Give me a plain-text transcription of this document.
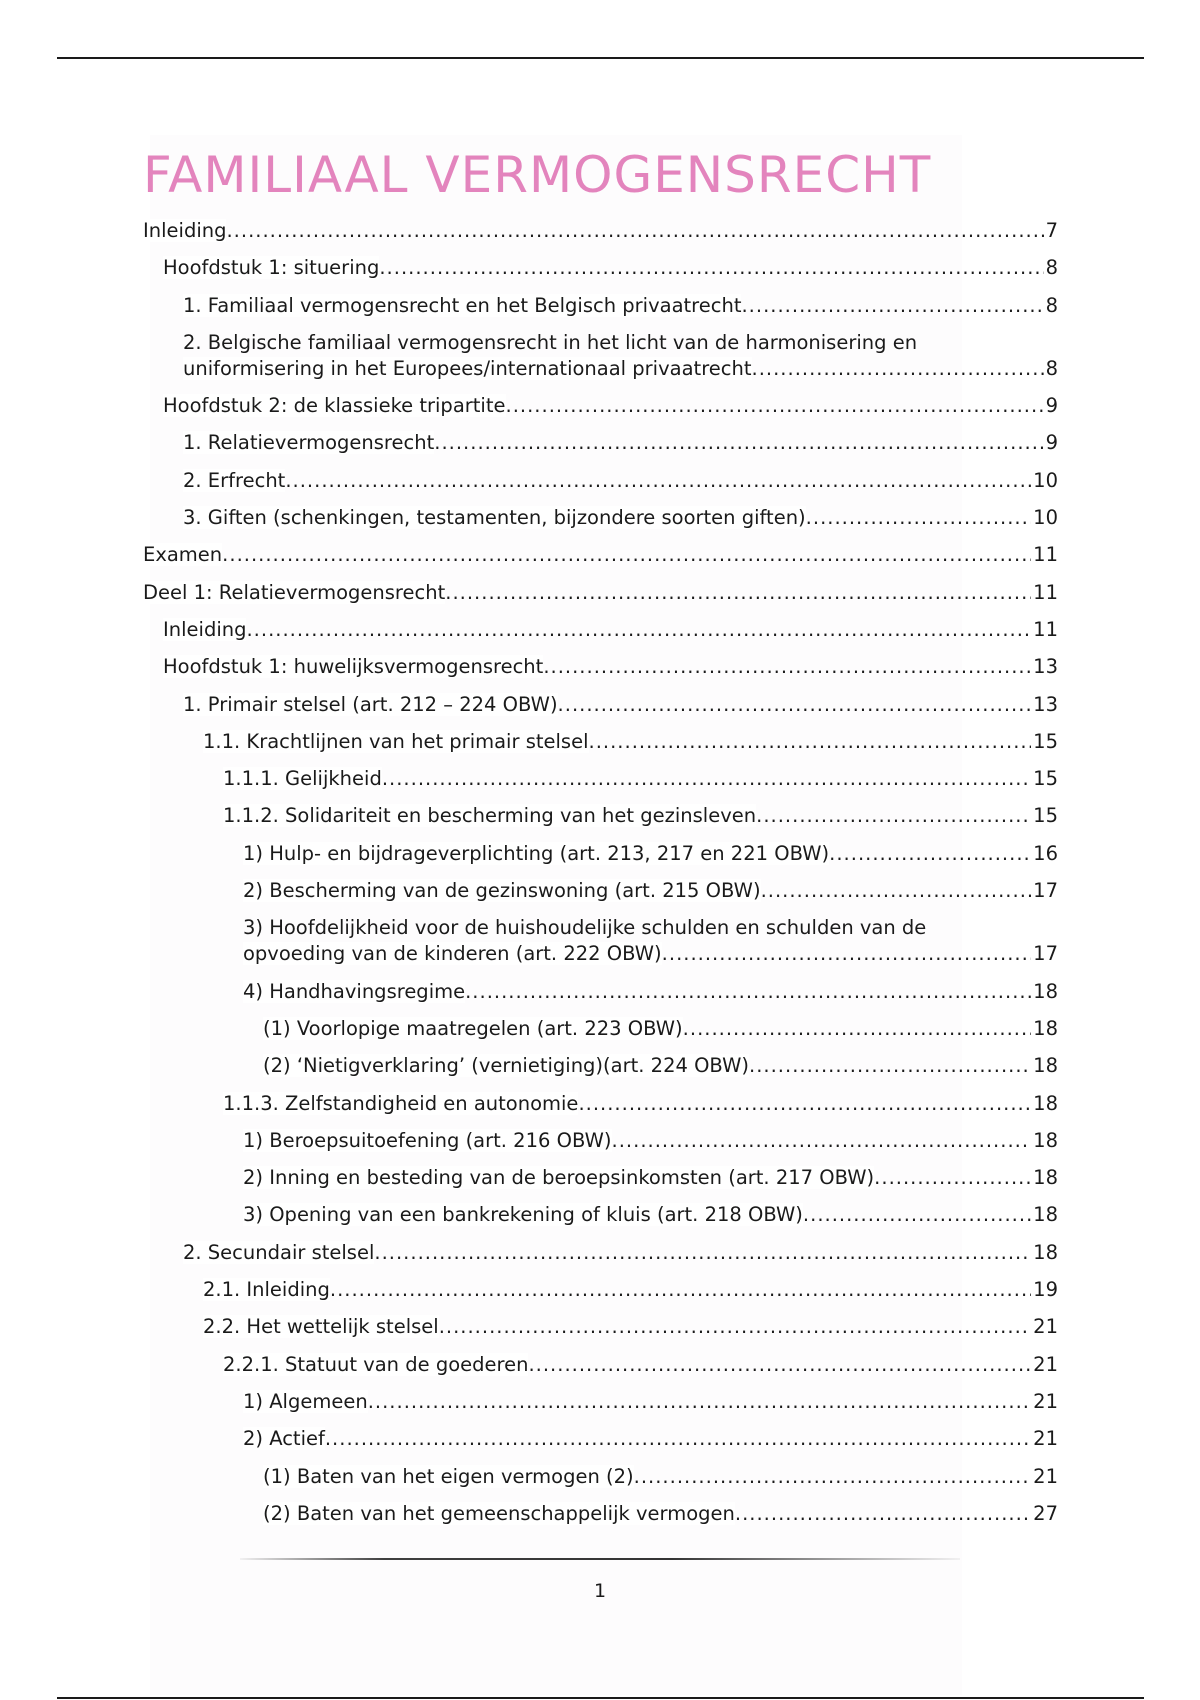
FAMILIAAL VERMOGENSRECHT
Inleiding	7
.....
Hoofdstuk 1: situering	8
.....
1. Familiaal vermogensrecht en het Belgisch privaatrecht	8
.....
2. Belgische familiaal vermogensrecht in het licht van de harmonisering en
uniformisering in het Europees/internationaal privaatrecht .....	8
Hoofdstuk 2: de klassieke tripartite	9
.....
1. Relatievermogensrecht	9
.....
2. Erfrecht	10
.....
3. Giften (schenkingen, testamenten, bijzondere soorten giften)	10
.....
Examen	11
.....
Deel 1: Relatievermogensrecht	11
.....
Inleiding	11
.....
Hoofdstuk 1: huwelijksvermogensrecht	13
.....
1. Primair stelsel (art. 212 – 224 OBW)	13
.....
1.1. Krachtlijnen van het primair stelsel	15
.....
1.1.1. Gelijkheid	15
.....
1.1.2. Solidariteit en bescherming van het gezinsleven	15
.....
1) Hulp- en bijdrageverplichting (art. 213, 217 en 221 OBW)	16
.....
2) Bescherming van de gezinswoning (art. 215 OBW)	17
.....
3) Hoofdelijkheid voor de huishoudelijke schulden en schulden van de
opvoeding van de kinderen (art. 222 OBW) .....	17
4) Handhavingsregime	18
.....
(1) Voorlopige maatregelen (art. 223 OBW)	18
.....
(2) ‘Nietigverklaring’ (vernietiging)(art. 224 OBW)	18
.....
1.1.3. Zelfstandigheid en autonomie	18
.....
1) Beroepsuitoefening (art. 216 OBW)	18
.....
2) Inning en besteding van de beroepsinkomsten (art. 217 OBW)	18
.....
3) Opening van een bankrekening of kluis (art. 218 OBW)	18
.....
2. Secundair stelsel	18
.....
2.1. Inleiding	19
.....
2.2. Het wettelijk stelsel	21
.....
2.2.1. Statuut van de goederen	21
.....
1) Algemeen	21
.....
2) Actief	21
.....
(1) Baten van het eigen vermogen (2)	21
.....
(2) Baten van het gemeenschappelijk vermogen	27
.....
1
